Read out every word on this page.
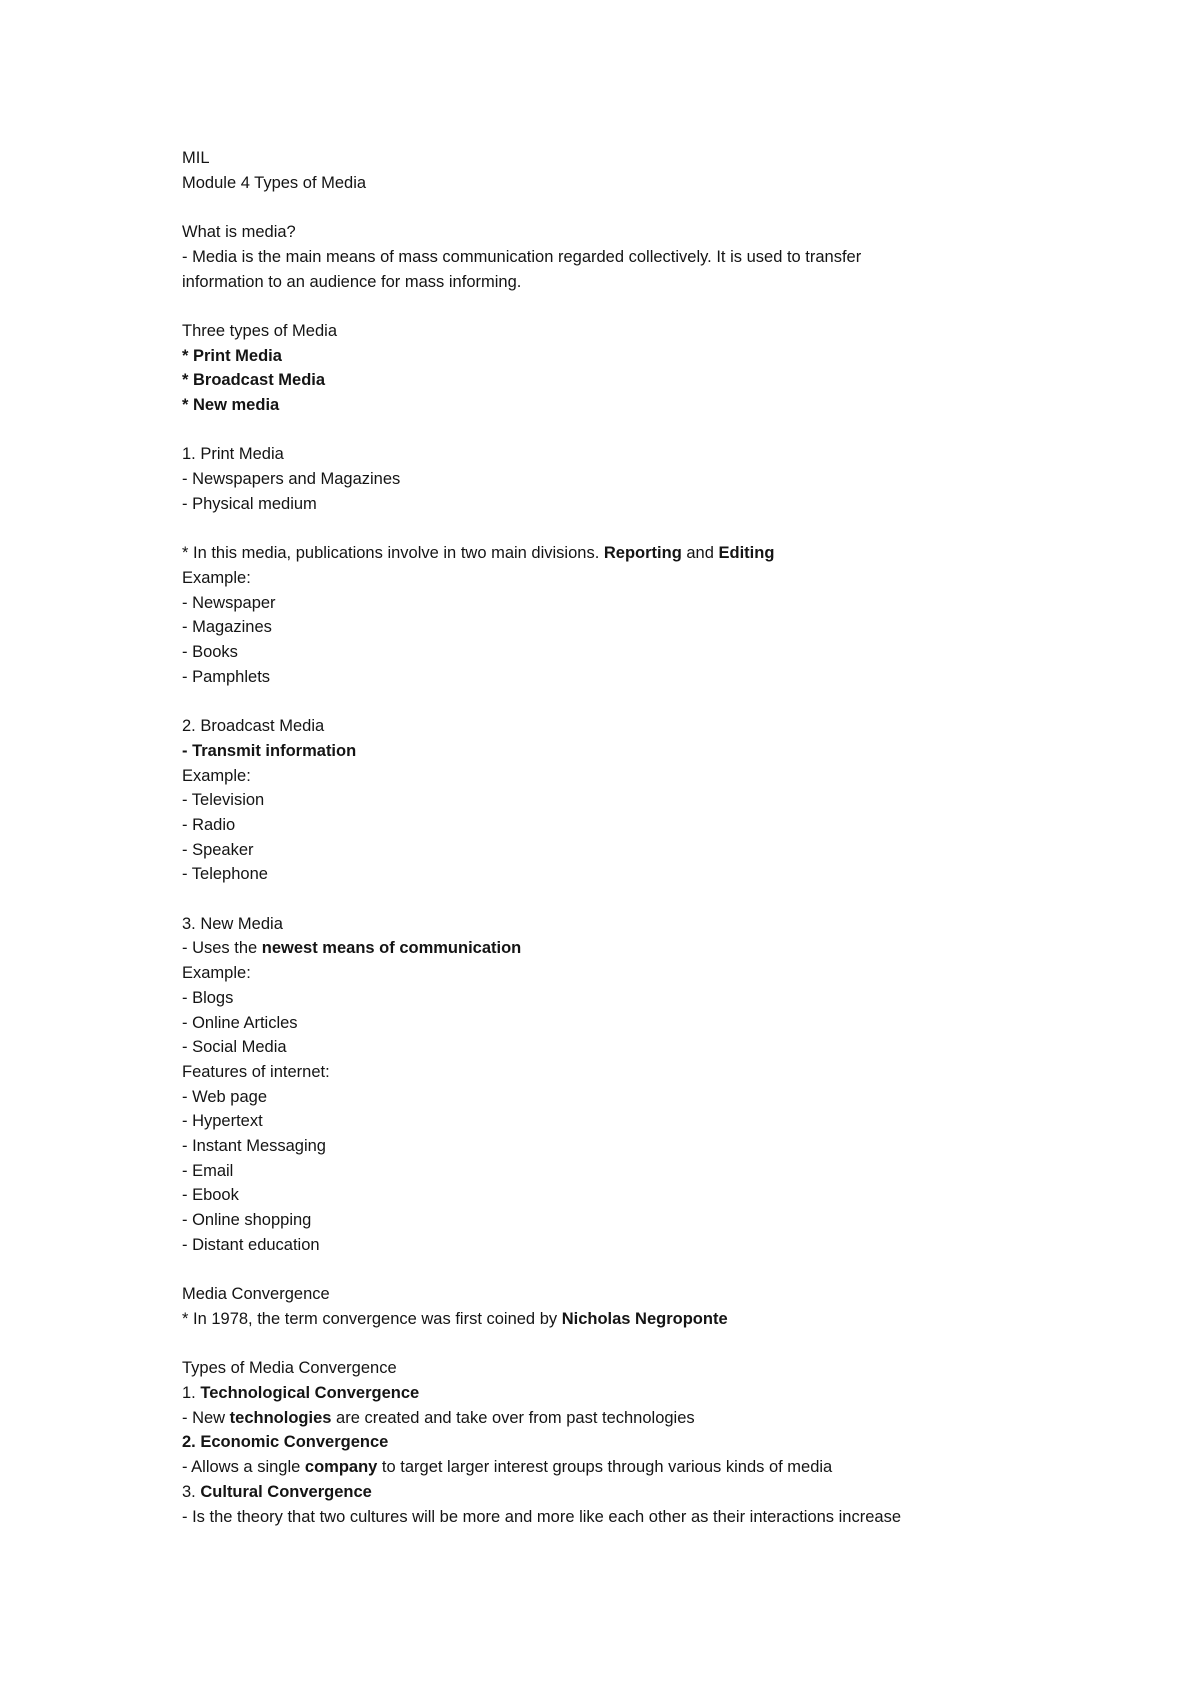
MIL
Module 4 Types of Media
What is media?
- Media is the main means of mass communication regarded collectively. It is used to transfer information to an audience for mass informing.
Three types of Media
* Print Media
* Broadcast Media
* New media
1. Print Media
- Newspapers and Magazines
- Physical medium
* In this media, publications involve in two main divisions. Reporting and Editing
Example:
- Newspaper
- Magazines
- Books
- Pamphlets
2. Broadcast Media
- Transmit information
Example:
- Television
- Radio
- Speaker
- Telephone
3. New Media
- Uses the newest means of communication
Example:
- Blogs
- Online Articles
- Social Media
Features of internet:
- Web page
- Hypertext
- Instant Messaging
- Email
- Ebook
- Online shopping
- Distant education
Media Convergence
* In 1978, the term convergence was first coined by Nicholas Negroponte
Types of Media Convergence
1. Technological Convergence
- New technologies are created and take over from past technologies
2. Economic Convergence
- Allows a single company to target larger interest groups through various kinds of media
3. Cultural Convergence
- Is the theory that two cultures will be more and more like each other as their interactions increase
